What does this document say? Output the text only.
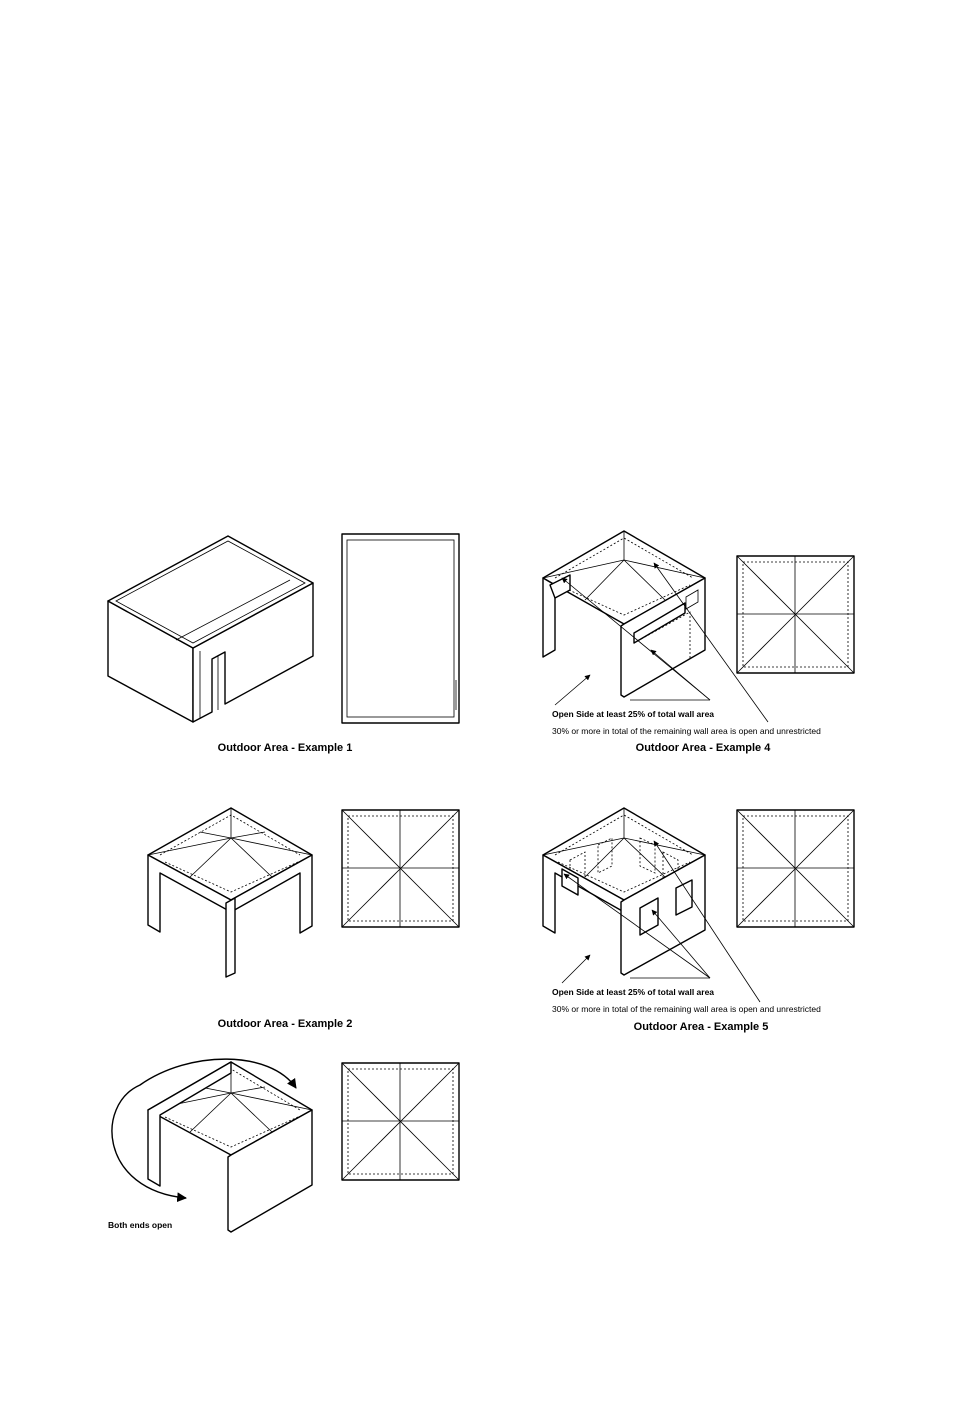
Outdoor Area - Example 1
Outdoor Area - Example 2
Both ends open
Open Side at least 25% of total wall area
30% or more in total of the remaining wall area is open and unrestricted
Outdoor Area - Example 4
Open Side at least 25% of total wall area
30% or more in total of the remaining wall area is open and unrestricted
Outdoor Area - Example 5
